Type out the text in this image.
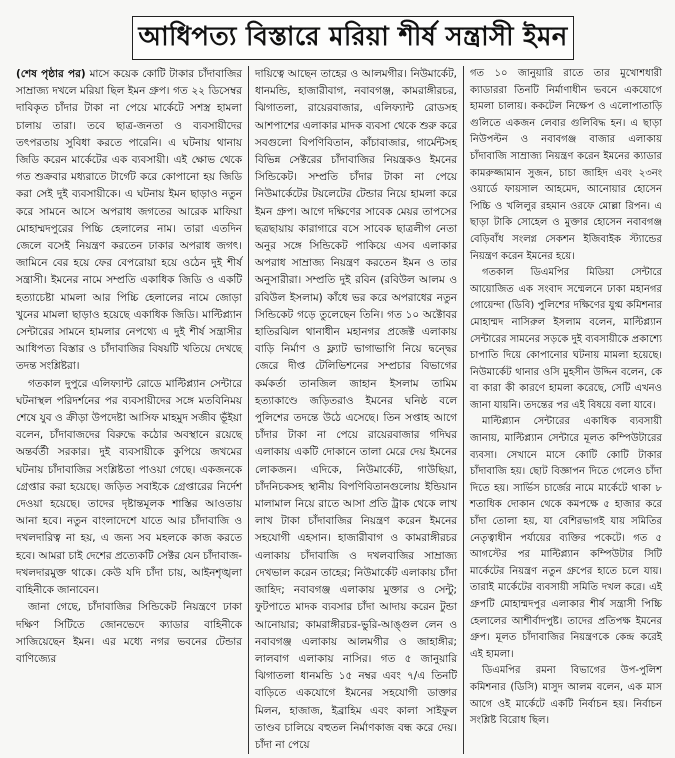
আধিপত্য বিস্তারে মরিয়া শীর্ষ সন্ত্রাসী ইমন

(শেষ পৃষ্ঠার পর) মাসে কয়েক কোটি টাকার চাঁদাবাজির সাম্রাজ্য দখলে মরিয়া ছিল ইমন গ্রুপ। গত ২২ ডিসেম্বর দাবিকৃত চাঁদার টাকা না পেয়ে মার্কেটে সশস্ত্র হামলা চালায় তারা। তবে ছাত্র-জনতা ও ব্যবসায়ীদের তৎপরতায় সুবিধা করতে পারেনি। এ ঘটনায় থানায় জিডি করেন মার্কেটের এক ব্যবসায়ী। এই ক্ষোভ থেকে গত শুক্রবার মধ্যরাতে টার্গেট করে কোপানো হয় জিডি করা সেই দুই ব্যবসায়ীকে। এ ঘটনায় ইমন ছাড়াও নতুন করে সামনে আসে অপরাধ জগতের আরেক মাফিয়া মোহাম্মদপুরের পিচ্চি হেলালের নাম। তারা এতদিন জেলে বসেই নিয়ন্ত্রণ করতেন ঢাকার অপরাধ জগৎ। জামিনে বের হয়ে ফের বেপরোয়া হয়ে ওঠেন দুই শীর্ষ সন্ত্রাসী। ইমনের নামে সম্প্রতি একাধিক জিডি ও একটি হত্যাচেষ্টা মামলা আর পিচ্চি হেলালের নামে জোড়া খুনের মামলা ছাড়াও হয়েছে একাধিক জিডি। মাল্টিপ্ল্যান সেন্টারের সামনে হামলার নেপথ্যে এ দুই শীর্ষ সন্ত্রাসীর আধিপত্য বিস্তার ও চাঁদাবাজির বিষয়টি খতিয়ে দেখছে তদন্ত সংশ্লিষ্টরা।

গতকাল দুপুরে এলিফ্যান্ট রোডে মাল্টিপ্ল্যান সেন্টারে ঘটনাস্থল পরিদর্শনের পর ব্যবসায়ীদের সঙ্গে মতবিনিময় শেষে যুব ও ক্রীড়া উপদেষ্টা আসিফ মাহমুদ সজীব ভূঁইয়া বলেন, চাঁদাবাজদের বিরুদ্ধে কঠোর অবস্থানে রয়েছে অন্তর্বর্তী সরকার। দুই ব্যবসায়ীকে কুপিয়ে জখমের ঘটনায় চাঁদাবাজির সংশ্লিষ্টতা পাওয়া গেছে। একজনকে গ্রেপ্তার করা হয়েছে। জড়িত সবাইকে গ্রেপ্তারের নির্দেশ দেওয়া হয়েছে। তাদের দৃষ্টান্তমূলক শাস্তির আওতায় আনা হবে। নতুন বাংলাদেশে যাতে আর চাঁদাবাজি ও দখলদারিত্ব না হয়, এ জন্য সব মহলকে কাজ করতে হবে। আমরা চাই দেশের প্রত্যেকটি সেক্টর যেন চাঁদাবাজ-দখলদারমুক্ত থাকে। কেউ যদি চাঁদা চায়, আইনশৃঙ্খলা বাহিনীকে জানাবেন।

জানা গেছে, চাঁদাবাজির সিন্ডিকেট নিয়ন্ত্রণে ঢাকা দক্ষিণ সিটিতে জোনভেদে ক্যাডার বাহিনীকে সাজিয়েছেন ইমন। এর মধ্যে নগর ভবনের টেন্ডার বাণিজ্যের

দায়িত্বে আছেন তাহের ও আলমগীর। নিউমার্কেট, ধানমন্ডি, হাজারীবাগ, নবাবগঞ্জ, কামরাঙ্গীরচর, ঝিগাতলা, রায়েরবাজার, এলিফ্যান্ট রোডসহ আশপাশের এলাকার মাদক ব্যবসা থেকে শুরু করে সবগুলো বিপণিবিতান, কাঁচাবাজার, গার্মেন্টসহ বিভিন্ন সেক্টরের চাঁদাবাজির নিয়ন্ত্রকও ইমনের সিন্ডিকেট। সম্প্রতি চাঁদার টাকা না পেয়ে নিউমার্কেটের টয়লেটের টেন্ডার নিয়ে হামলা করে ইমন গ্রুপ। আগে দক্ষিণের সাবেক মেয়র তাপসের ছত্রছায়ায় কারাগারে বসে সাবেক ছাত্রলীগ নেতা অনুর সঙ্গে সিন্ডিকেট পাকিয়ে এসব এলাকার অপরাধ সাম্রাজ্য নিয়ন্ত্রণ করতেন ইমন ও তার অনুসারীরা। সম্প্রতি দুই রবিন (রবিউল আলম ও রবিউল ইসলাম) কাঁধে ভর করে অপরাধের নতুন সিন্ডিকেট গড়ে তুলেছেন তিনি। গত ১০ অক্টোবর হাতিরঝিল থানাধীন মহানগর প্রজেক্ট এলাকায় বাড়ি নির্মাণ ও ফ্ল্যাট ভাগাভাগি নিয়ে দ্বন্দ্বের জেরে দীপ্ত টেলিভিশনের সম্প্রচার বিভাগের কর্মকর্তা তানজিল জাহান ইসলাম তামিম হত্যাকাণ্ডে জড়িতরাও ইমনের ঘনিষ্ঠ বলে পুলিশের তদন্তে উঠে এসেছে। তিন সপ্তাহ আগে চাঁদার টাকা না পেয়ে রায়েরবাজার গদিঘর এলাকায় একটি দোকানে তালা মেরে দেয় ইমনের লোকজন। এদিকে, নিউমার্কেট, গাউছিয়া, চাঁদনিচকসহ স্থানীয় বিপণিবিতানগুলোয় ইন্ডিয়ান মালামাল নিয়ে রাতে আসা প্রতি ট্রাক থেকে লাখ লাখ টাকা চাঁদাবাজির নিয়ন্ত্রণ করেন ইমনের সহযোগী এহসান। হাজারীবাগ ও কামরাঙ্গীরচর এলাকায় চাঁদাবাজি ও দখলবাজির সাম্রাজ্য দেখভাল করেন তাহের; নিউমার্কেট এলাকায় চাঁদা জাহিদ; নবাবগঞ্জ এলাকায় মুক্তার ও সেন্টু; ফুটপাতে মাদক ব্যবসার চাঁদা আদায় করেন টুন্ডা আনোয়ার; কামরাঙ্গীরচর-ভুরি-আঙ্গুল লেন ও নবাবগঞ্জ এলাকায় আলমগীর ও জাহাঙ্গীর; লালবাগ এলাকায় নাসির। গত ৫ জানুয়ারি ঝিগাতলা ধানমন্ডি ১৫ নম্বর এবং ৭/এ তিনটি বাড়িতে একযোগে ইমনের সহযোগী ডাক্তার মিলন, হাজাজ, ইব্রাহিম এবং কালা সাইফুল তাণ্ডব চালিয়ে বহুতল নির্মাণকাজ বন্ধ করে দেয়। চাঁদা না পেয়ে

গত ১০ জানুয়ারি রাতে তার মুখোশধারী ক্যাডাররা তিনটি নির্মাণাধীন ভবনে একযোগে হামলা চালায়। ককটেল নিক্ষেপ ও এলোপাতাড়ি গুলিতে একজন লেবার গুলিবিদ্ধ হন। এ ছাড়া নিউপল্টন ও নবাবগঞ্জ বাজার এলাকায় চাঁদাবাজি সাম্রাজ্য নিয়ন্ত্রণ করেন ইমনের ক্যাডার কামরুজ্জামান সুজন, চাচা জাহিদ এবং ২৩নং ওয়ার্ডে ফায়সাল আহমেদ, আনোয়ার হোসেন পিচ্চি ও খলিলুর রহমান ওরফে মোল্লা রিপন। এ ছাড়া টাকি সোহেল ও মুক্তার হোসেন নবাবগঞ্জ বেড়িবাঁধ সংলগ্ন সেকশন ইজিবাইক স্ট্যান্ডের নিয়ন্ত্রণ করেন ইমনের হয়ে।

গতকাল ডিএমপির মিডিয়া সেন্টারে আয়োজিত এক সংবাদ সম্মেলনে ঢাকা মহানগর গোয়েন্দা (ডিবি) পুলিশের দক্ষিণের যুগ্ম কমিশনার মোহাম্মদ নাসিরুল ইসলাম বলেন, মাল্টিপ্ল্যান সেন্টারের সামনের সড়কে দুই ব্যবসায়ীকে প্রকাশ্যে চাপাতি দিয়ে কোপানোর ঘটনায় মামলা হয়েছে। নিউমার্কেট থানার ওসি মুহসীন উদ্দিন বলেন, কে বা কারা কী কারণে হামলা করেছে, সেটি এখনও জানা যায়নি। তদন্তের পর এই বিষয়ে বলা যাবে।

মাল্টিপ্ল্যান সেন্টারের একাধিক ব্যবসায়ী জানায়, মাল্টিপ্ল্যান সেন্টারে মূলত কম্পিউটারের ব্যবসা। সেখানে মাসে কোটি কোটি টাকার চাঁদাবাজি হয়। ছোট বিজ্ঞাপন দিতে গেলেও চাঁদা দিতে হয়। সার্ভিস চার্জের নামে মার্কেটে থাকা ৮ শতাধিক দোকান থেকে কমপক্ষে ৫ হাজার করে চাঁদা তোলা হয়, যা বেশিরভাগই যায় সমিতির নেতৃত্বাধীন পর্যায়ের ব্যক্তির পকেটে। গত ৫ আগস্টের পর মাল্টিপ্ল্যান কম্পিউটার সিটি মার্কেটের নিয়ন্ত্রণ নতুন গ্রুপের হাতে চলে যায়। তারাই মার্কেটের ব্যবসায়ী সমিতি দখল করে। এই গ্রুপটি মোহাম্মদপুর এলাকার শীর্ষ সন্ত্রাসী পিচ্চি হেলালের আশীর্বাদপুষ্ট। তাদের প্রতিপক্ষ ইমনের গ্রুপ। মূলত চাঁদাবাজির নিয়ন্ত্রণকে কেন্দ্র করেই এই হামলা।

ডিএমপির রমনা বিভাগের উপ-পুলিশ কমিশনার (ডিসি) মাসুদ আলম বলেন, এক মাস আগে ওই মার্কেটে একটি নির্বাচন হয়। নির্বাচন সংশ্লিষ্ট বিরোধ ছিল।
